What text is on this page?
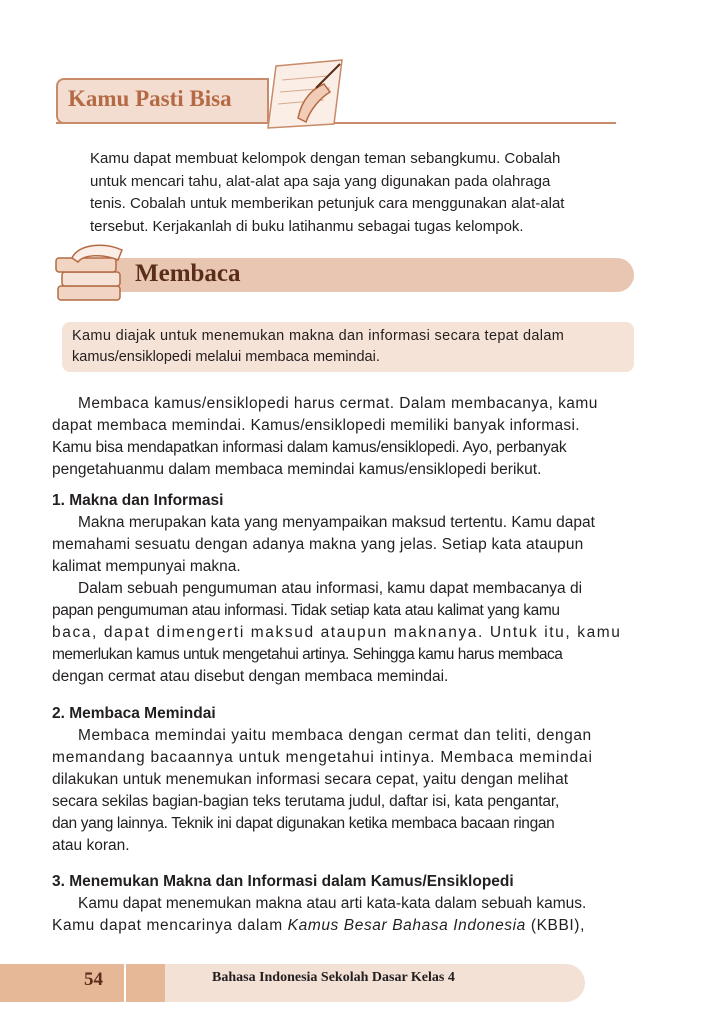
Kamu Pasti Bisa

Kamu dapat membuat kelompok dengan teman sebangkumu. Cobalah

untuk mencari tahu, alat-alat apa saja yang digunakan pada olahraga

tenis. Cobalah untuk memberikan petunjuk cara menggunakan alat-alat

tersebut. Kerjakanlah di buku latihanmu sebagai tugas kelompok.

Membaca

Kamu diajak untuk menemukan makna dan informasi secara tepat dalam

kamus/ensiklopedi melalui membaca memindai.

Membaca kamus/ensiklopedi harus cermat. Dalam membacanya, kamu

dapat membaca memindai. Kamus/ensiklopedi memiliki banyak informasi.

Kamu bisa mendapatkan informasi dalam kamus/ensiklopedi. Ayo, perbanyak

pengetahuanmu dalam membaca memindai kamus/ensiklopedi berikut.

1. Makna dan Informasi

Makna merupakan kata yang menyampaikan maksud tertentu. Kamu dapat

memahami sesuatu dengan adanya makna yang jelas. Setiap kata ataupun

kalimat mempunyai makna.

Dalam sebuah pengumuman atau informasi, kamu dapat membacanya di

papan pengumuman atau informasi. Tidak setiap kata atau kalimat yang kamu

baca, dapat dimengerti maksud ataupun maknanya. Untuk itu, kamu

memerlukan kamus untuk mengetahui artinya. Sehingga kamu harus membaca

dengan cermat atau disebut dengan membaca memindai.

2. Membaca Memindai

Membaca memindai yaitu membaca dengan cermat dan teliti, dengan

memandang bacaannya untuk mengetahui intinya. Membaca memindai

dilakukan untuk menemukan informasi secara cepat, yaitu dengan melihat

secara sekilas bagian-bagian teks terutama judul, daftar isi, kata pengantar,

dan yang lainnya. Teknik ini dapat digunakan ketika membaca bacaan ringan

atau koran.

3. Menemukan Makna dan Informasi dalam Kamus/Ensiklopedi

Kamu dapat menemukan makna atau arti kata-kata dalam sebuah kamus.

Kamu dapat mencarinya dalam Kamus Besar Bahasa Indonesia (KBBI),

54	Bahasa Indonesia Sekolah Dasar Kelas 4
